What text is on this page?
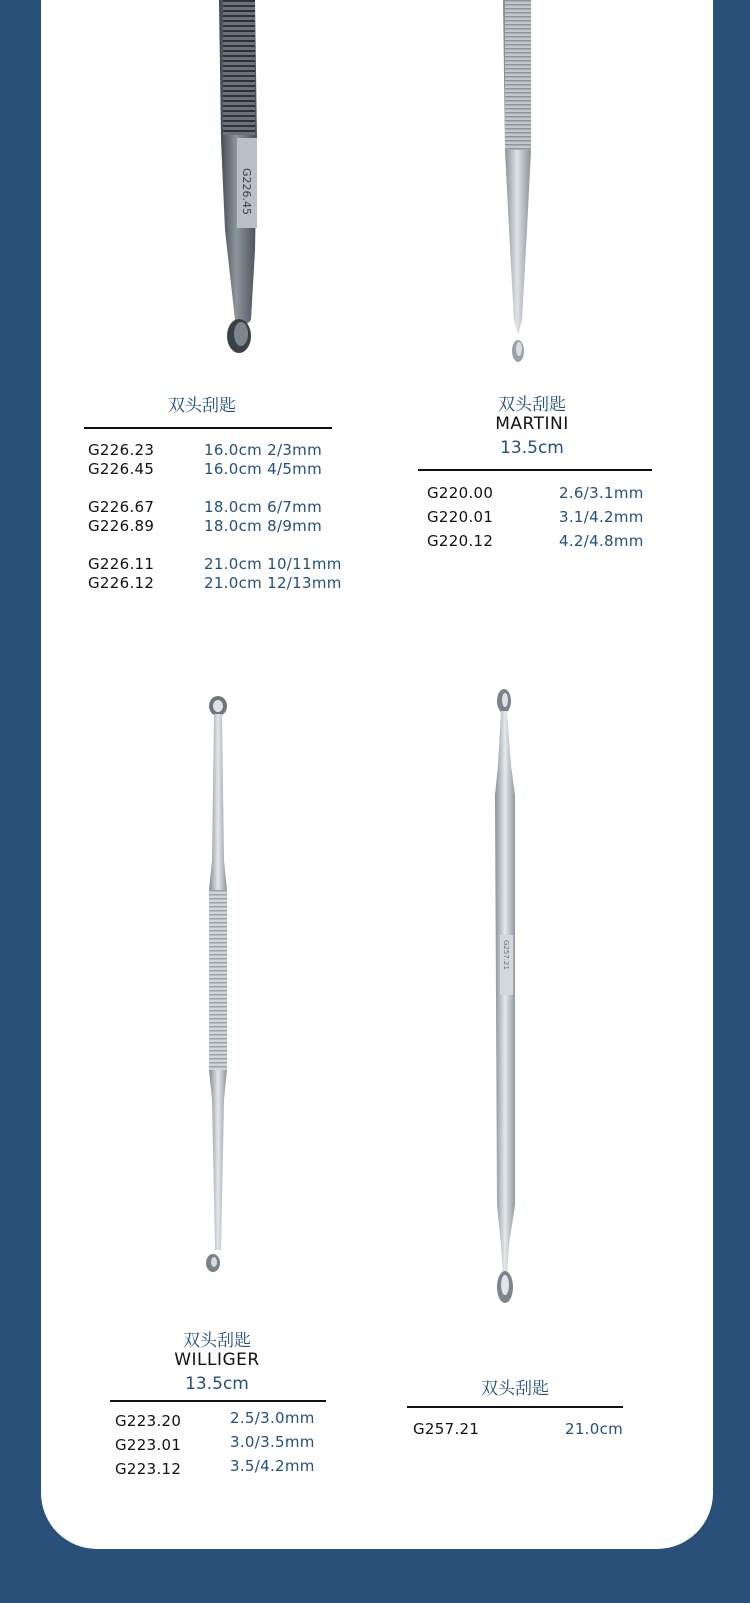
G226.45
双头刮匙
G226.23	16.0cm 2/3mm
G226.45	16.0cm 4/5mm
G226.67	18.0cm 6/7mm
G226.89	18.0cm 8/9mm
G226.11	21.0cm 10/11mm
G226.12	21.0cm 12/13mm
双头刮匙
MARTINI
13.5cm
G220.00	2.6/3.1mm
G220.01	3.1/4.2mm
G220.12	4.2/4.8mm
双头刮匙
WILLIGER
13.5cm
G223.20	2.5/3.0mm
G223.01	3.0/3.5mm
G223.12	3.5/4.2mm
G257.21
双头刮匙
G257.21	21.0cm
